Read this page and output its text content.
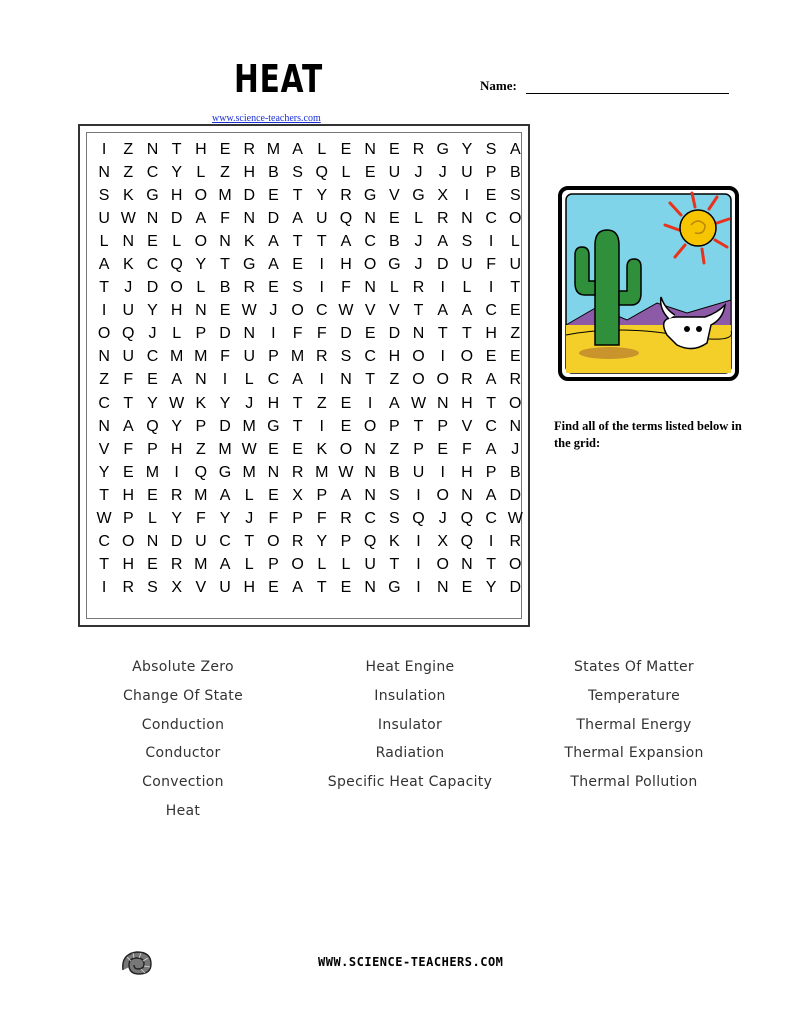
HEAT
www.science-teachers.com
Name:
I	Z N T H E R M A L E N E R G Y S A
N Z C Y L Z H B S Q L E U J	J U P B
S K G H O M D E T Y R G V G X	I	E S
U W N D A F N D A U Q N E L R N C O
L N E L O N K A T T A C B J A S	I	L
A K C Q Y T G A E	I	H O G J D U F U
T J D O L B R E S	I	F N L R	I	L	I	T
I	U Y H N E W J O C W V V T A A C E
O Q J L P D N	I	F F D E D N T T H Z
N U C M M F U P M R S C H O I O E E
Z F E A N	I	L C A	I	N T Z O O R A R
C T Y W K Y J H T Z E	I	A W N H T O
N A Q Y P D M G T	I	E O P T P V C N
V F P H Z M W E E K O N Z P E F A J
Y E M I Q G M N R M W N B U	I	H P B
T H E R M A L E X P A N S	I O N A D
W P L Y F Y J F P F R C S Q J Q C W
C O N D U C T O R Y P Q K	I	X Q I	R
T H E R M A L P O L L U T	I O N T O
I	R S X V U H E A T E N G I	N E Y D
Find all of the terms listed below in the grid:
Absolute Zero
Change Of State
Conduction
Conductor
Convection
Heat
Heat Engine
Insulation
Insulator
Radiation
Specific Heat Capacity
States Of Matter
Temperature
Thermal Energy
Thermal Expansion
Thermal Pollution
WWW.SCIENCE-TEACHERS.COM
